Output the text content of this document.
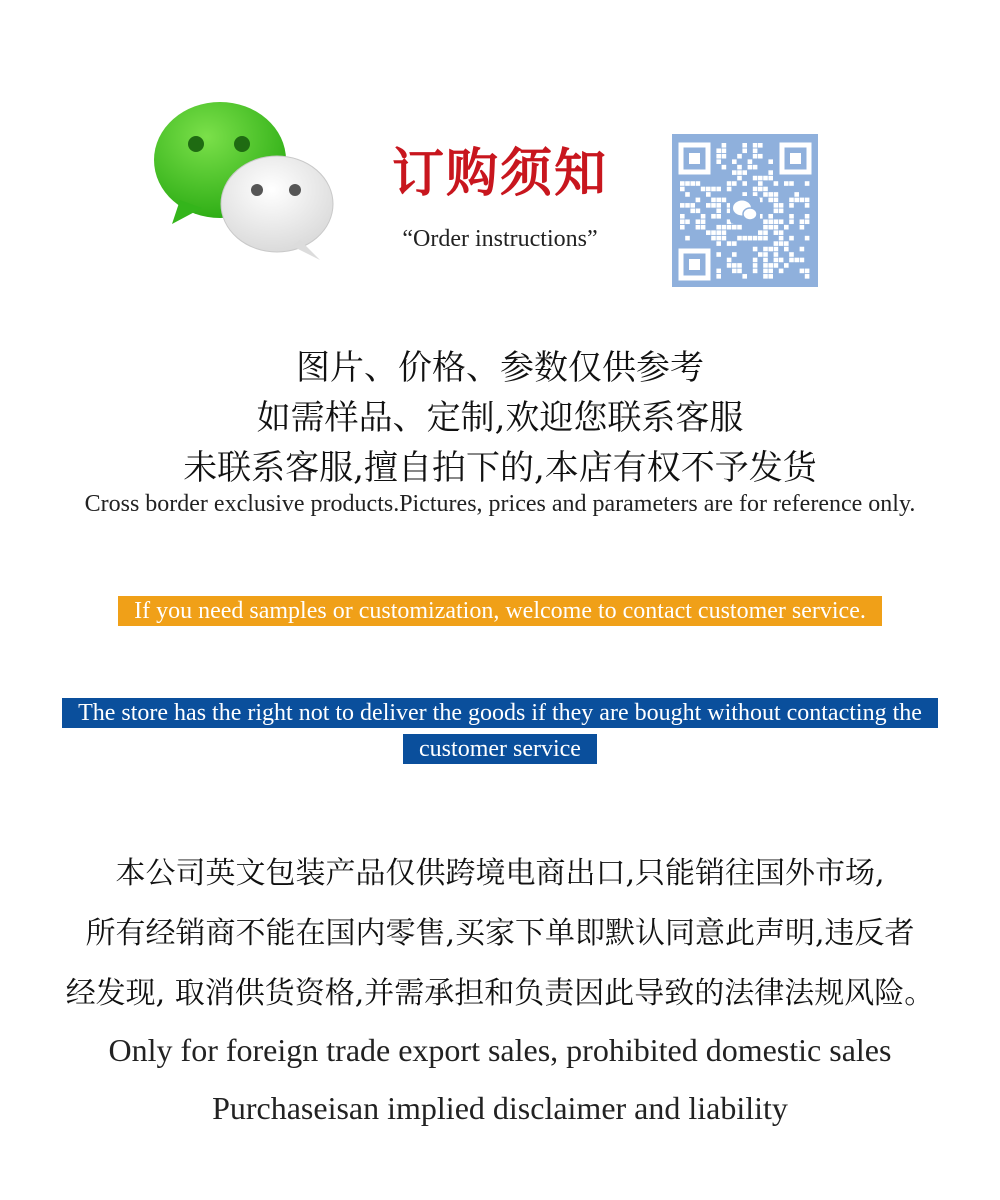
订购须知
“Order instructions”
图片、价格、参数仅供参考
如需样品、定制,欢迎您联系客服
未联系客服,擅自拍下的,本店有权不予发货
Cross border exclusive products.Pictures, prices and parameters are for reference only.
If you need samples or customization, welcome to contact customer service.
The store has the right not to deliver the goods if they are bought without contacting the customer service
本公司英文包装产品仅供跨境电商出口,只能销往国外市场,
所有经销商不能在国内零售,买家下单即默认同意此声明,违反者
经发现, 取消供货资格,并需承担和负责因此导致的法律法规风险。
Only for foreign trade export sales, prohibited domestic sales
Purchaseisan implied disclaimer and liability
